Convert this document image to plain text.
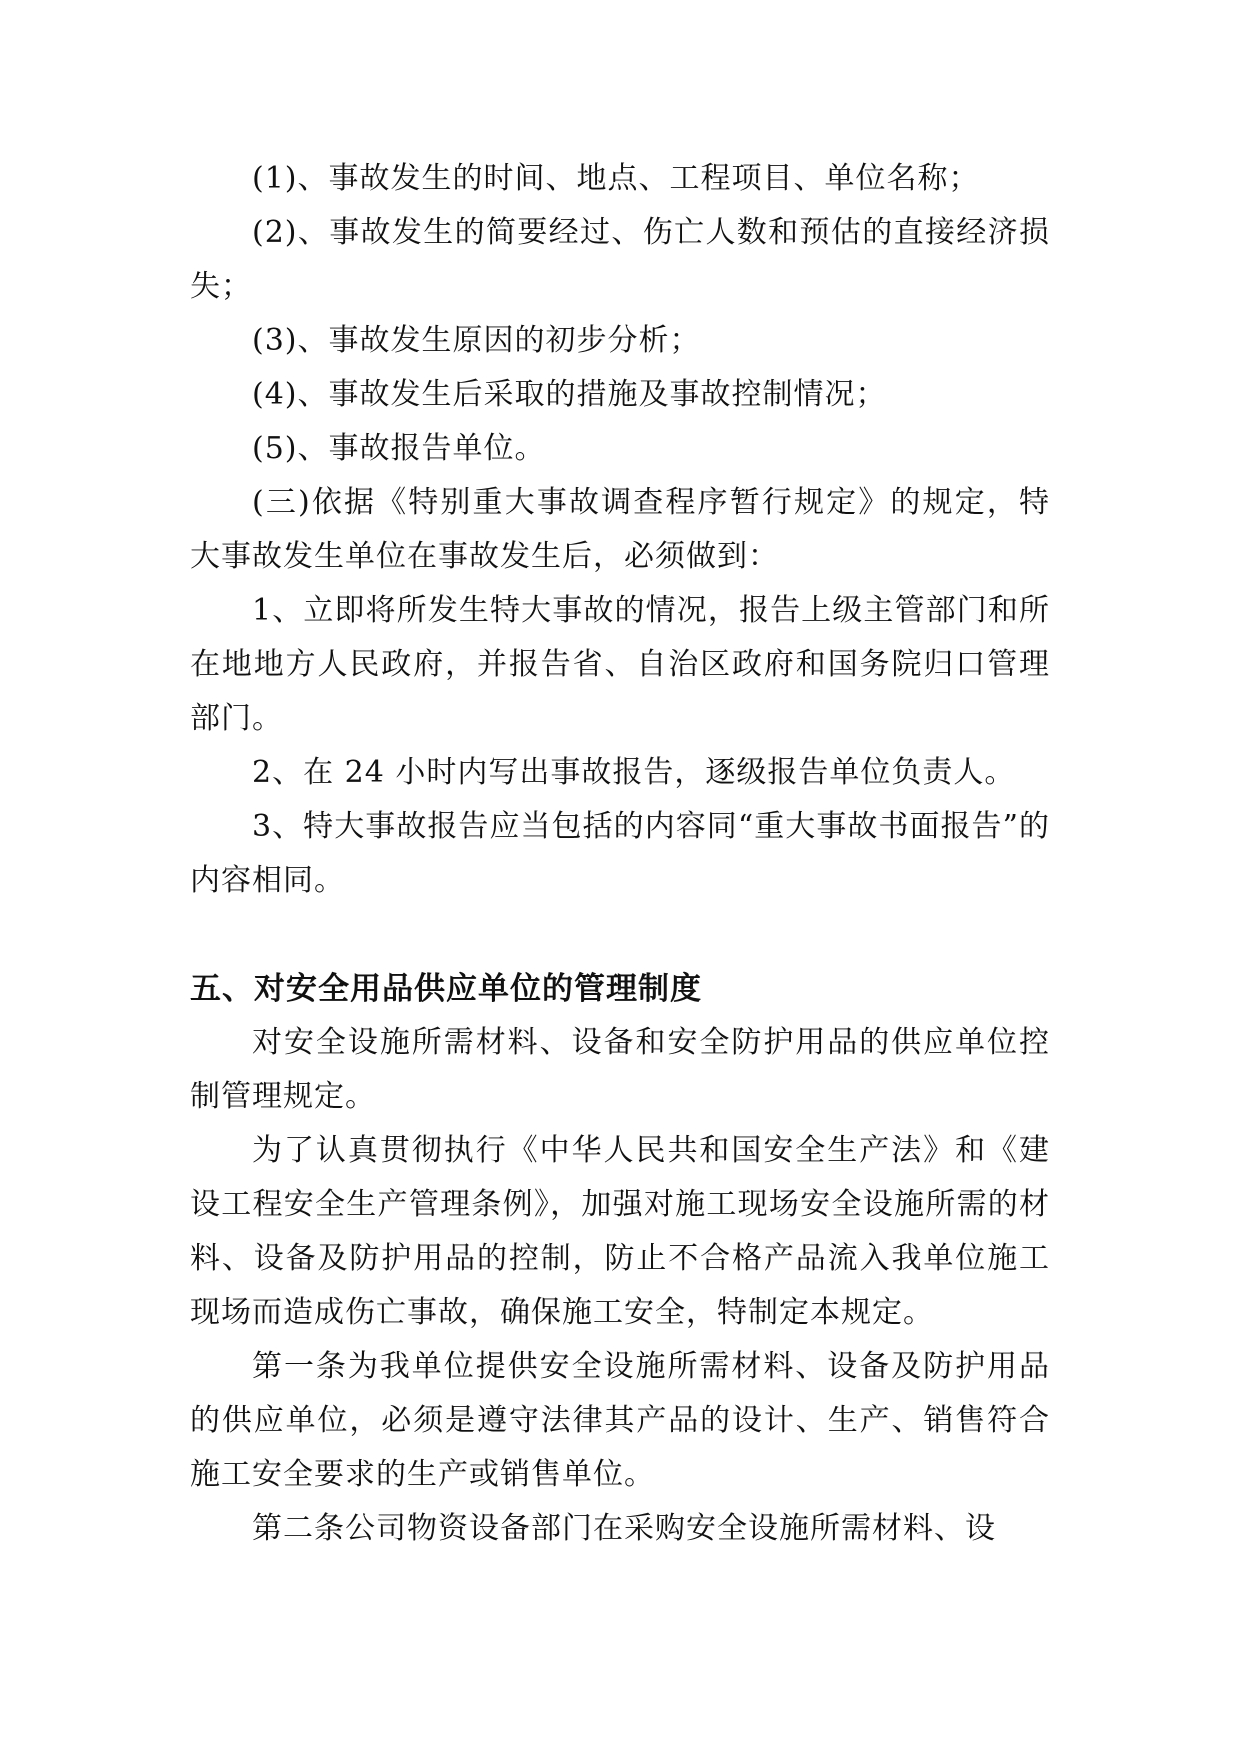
(1)、事故发生的时间、地点、工程项目、单位名称；

(2)、事故发生的简要经过、伤亡人数和预估的直接经济损失；

(3)、事故发生原因的初步分析；

(4)、事故发生后采取的措施及事故控制情况；

(5)、事故报告单位。

(三)依据《特别重大事故调查程序暂行规定》的规定，特大事故发生单位在事故发生后，必须做到：

1、立即将所发生特大事故的情况，报告上级主管部门和所在地地方人民政府，并报告省、自治区政府和国务院归口管理部门。

2、在 24 小时内写出事故报告，逐级报告单位负责人。

3、特大事故报告应当包括的内容同“重大事故书面报告”的内容相同。

五、对安全用品供应单位的管理制度

对安全设施所需材料、设备和安全防护用品的供应单位控制管理规定。

为了认真贯彻执行《中华人民共和国安全生产法》和《建设工程安全生产管理条例》，加强对施工现场安全设施所需的材料、设备及防护用品的控制，防止不合格产品流入我单位施工现场而造成伤亡事故，确保施工安全，特制定本规定。

第一条为我单位提供安全设施所需材料、设备及防护用品的供应单位，必须是遵守法律其产品的设计、生产、销售符合施工安全要求的生产或销售单位。

第二条公司物资设备部门在采购安全设施所需材料、设
